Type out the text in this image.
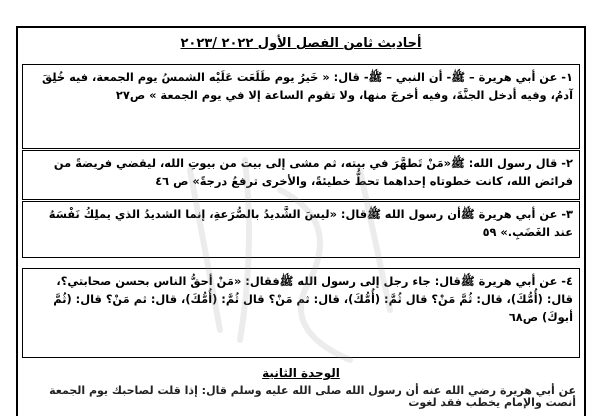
أحاديث ثامن الفصل الأول ٢٠٢٢ /٢٠٢٣
١- عن أبي هريرة – ﷺ- أن النبي – ﷺ- قال: « خَيرُ يوم طَلَعَت عَلَيْه الشمسُ يوم الجمعة، فيه خُلِقَ آدمُ، وفيه أدخل الجنَّةَ، وفيه أخرجَ منها، ولا تقوم الساعة إلا في يوم الجمعة » ص٢٧
٢- قال رسول الله: ﷺ«مَنْ تَطهَّرَ في بيته، ثم مشى إلى بيت من بيوتِ الله، ليقضي فريضةً من فرائض الله، كانت خطوتاه إحداهما تحطُّ خطيئةً، والأخرى ترفعُ درجةً» ص ٤٦
٣- عن أبي هريرة ﷺأن رسول الله ﷺقال: «ليسَ الشَّديدُ بالصُّرَعةِ، إنما الشديدُ الذي يملِكُ نَفْسَهُ عند الغَضَبِ.» ٥٩
٤- عن أبي هريرة ﷺقال: جاء رجل إلى رسول الله ﷺفقال: «مَنْ أحقُّ الناس بحسن صحابتي؟، قال: (أُمُّكَ)، قال: ثُمَّ مَنْ؟ قال ثُمَّ: (أُمُّكَ)، قال: ثم مَنْ؟ قال ثُمَّ: (أُمُّكَ)، قال: ثم مَنْ؟ قال: (ثُمَّ أبوكَ) ص٦٨
الوحدة الثانية
عن أبي هريرة رضي الله عنه أن رسول الله صلى الله عليه وسلم قال: إذا قلت لصاحبك يوم الجمعة أنصت والإمام يخطب فقد لغوت
